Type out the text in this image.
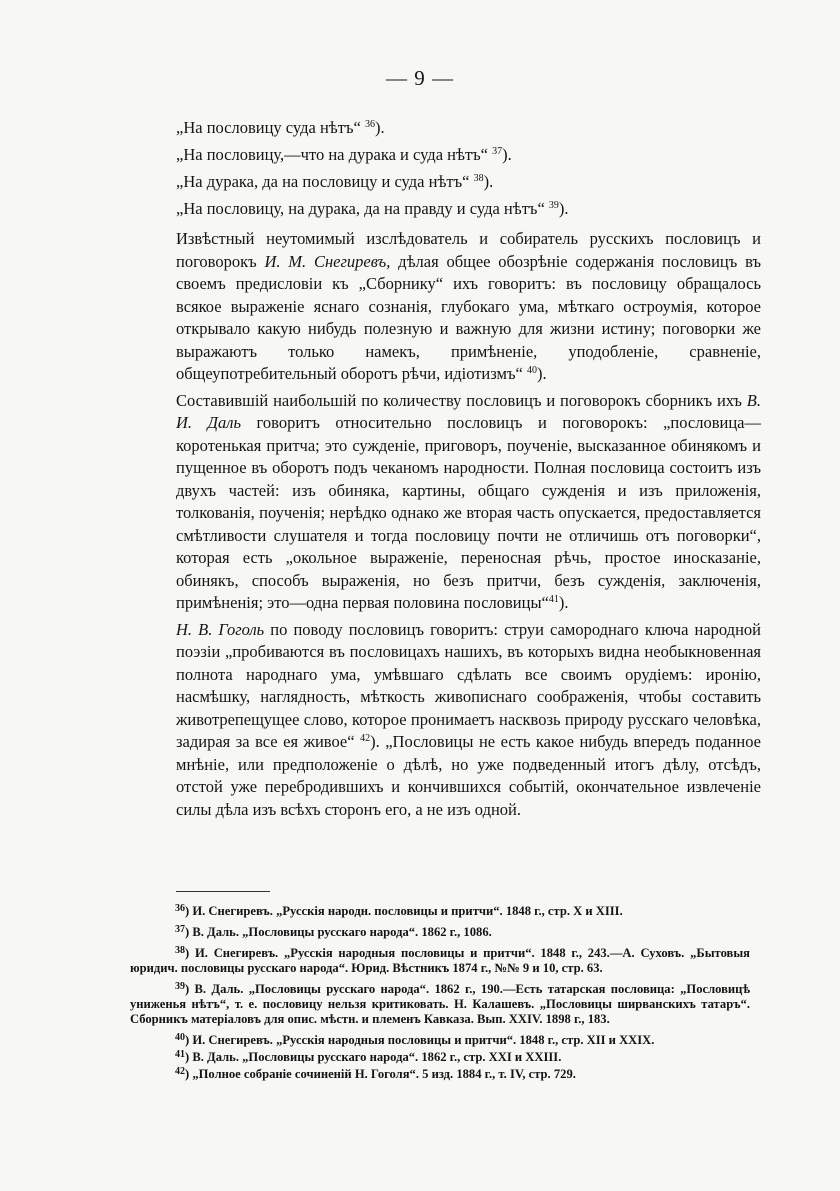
— 9 —

„На пословицу суда нѣтъ“ $^{36}$).

„На пословицу,—что на дурака и суда нѣтъ“ $^{37}$).

„На дурака, да на пословицу и суда нѣтъ“ $^{38}$).

„На пословицу, на дурака, да на правду и суда нѣтъ“ $^{39}$).

Извѣстный неутомимый изслѣдователь и собиратель русскихъ пословицъ и поговорокъ И. М. Снегиревъ, дѣлая общее обозрѣніе содержанія пословицъ въ своемъ предисловіи къ „Сборнику“ ихъ говоритъ: въ пословицу обращалось всякое выраженіе яснаго сознанія, глубокаго ума, мѣткаго остроумія, которое открывало какую нибудь полезную и важную для жизни истину; поговорки же выражаютъ только намекъ, примѣненіе, уподобленіе, сравненіе, общеупотребительный оборотъ рѣчи, идіотизмъ“ $^{40}$).

Составившій наибольшій по количеству пословицъ и поговорокъ сборникъ ихъ В. И. Даль говоритъ относительно пословицъ и поговорокъ: „пословица—коротенькая притча; это сужденіе, приговоръ, поученіе, высказанное обинякомъ и пущенное въ оборотъ подъ чеканомъ народности. Полная пословица состоитъ изъ двухъ частей: изъ обиняка, картины, общаго сужденія и изъ приложенія, толкованія, поученія; нерѣдко однако же вторая часть опускается, предоставляется смѣтливости слушателя и тогда пословицу почти не отличишь отъ поговорки“, которая есть „окольное выраженіе, переносная рѣчь, простое иносказаніе, обинякъ, способъ выраженія, но безъ притчи, безъ сужденія, заключенія, примѣненія; это—одна первая половина пословицы“$^{41}$).

Н. В. Гоголь по поводу пословицъ говоритъ: струи самороднаго ключа народной поэзіи „пробиваются въ пословицахъ нашихъ, въ которыхъ видна необыкновенная полнота народнаго ума, умѣвшаго сдѣлать все своимъ орудіемъ: иронію, насмѣшку, наглядность, мѣткость живописнаго соображенія, чтобы составить животрепещущее слово, которое пронимаетъ насквозь природу русскаго человѣка, задирая за все ея живое“ $^{42}$). „Пословицы не есть какое нибудь впередъ поданное мнѣніе, или предположеніе о дѣлѣ, но уже подведенный итогъ дѣлу, отсѣдъ, отстой уже перебродившихъ и кончившихся событій, окончательное извлеченіе силы дѣла изъ всѣхъ сторонъ его, а не изъ одной.

$^{36}$) И. Снегиревъ. „Русскія народн. пословицы и притчи“. 1848 г., стр. X и XIII.

$^{37}$) В. Даль. „Пословицы русскаго народа“. 1862 г., 1086.

$^{38}$) И. Снегиревъ. „Русскія народныя пословицы и притчи“. 1848 г., 243.—А. Суховъ. „Бытовыя юридич. пословицы русскаго народа“. Юрид. Вѣстникъ 1874 г., №№ 9 и 10, стр. 63.

$^{39}$) В. Даль. „Пословицы русскаго народа“. 1862 г., 190.—Есть татарская пословица: „Пословицѣ униженья нѣтъ“, т. е. пословицу нельзя критиковать. Н. Калашевъ. „Пословицы ширванскихъ татаръ“. Сборникъ матеріаловъ для опис. мѣстн. и племенъ Кавказа. Вып. XXIV. 1898 г., 183.

$^{40}$) И. Снегиревъ. „Русскія народныя пословицы и притчи“. 1848 г., стр. XII и XXIX.

$^{41}$) В. Даль. „Пословицы русскаго народа“. 1862 г., стр. XXI и XXIII.

$^{42}$) „Полное собраніе сочиненій Н. Гоголя“. 5 изд. 1884 г., т. IV, стр. 729.
